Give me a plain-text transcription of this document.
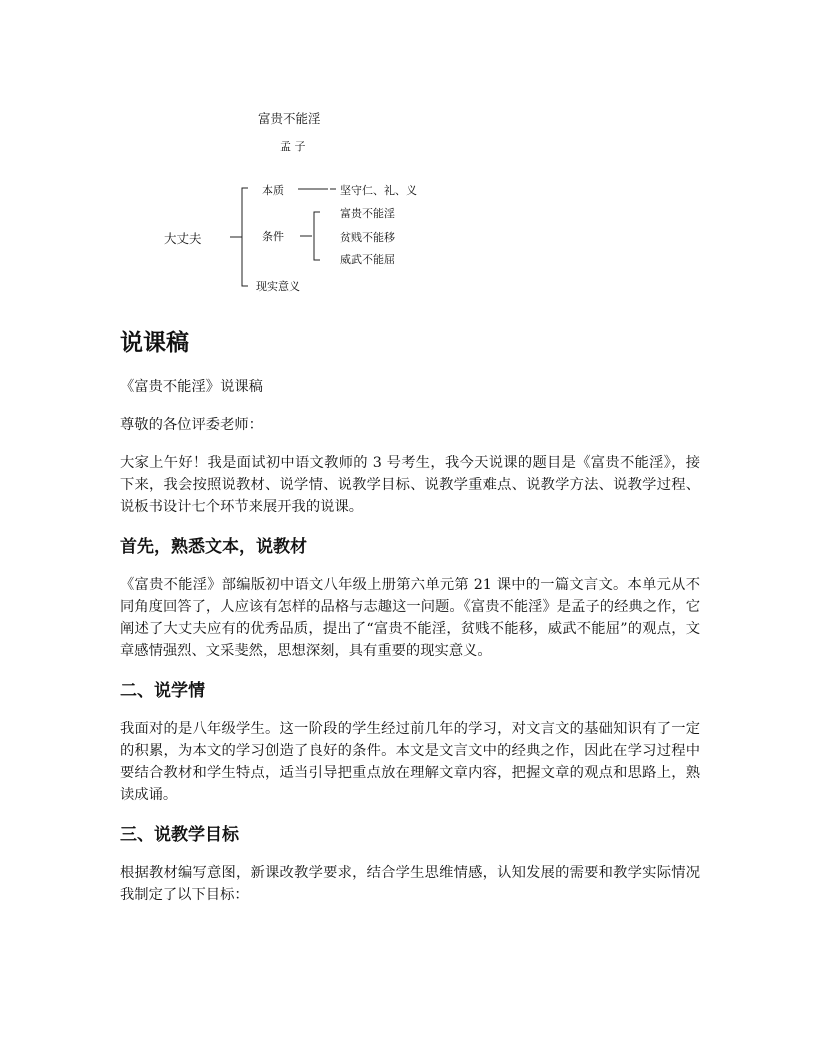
富贵不能淫
孟 子
大丈夫
本质	坚守仁、礼、义
条件
富贵不能淫
贫贱不能移
威武不能屈
现实意义
说课稿

《富贵不能淫》说课稿

尊敬的各位评委老师：

大家上午好！我是面试初中语文教师的 3 号考生，我今天说课的题目是《富贵不能淫》，接下来，我会按照说教材、说学情、说教学目标、说教学重难点、说教学方法、说教学过程、说板书设计七个环节来展开我的说课。

首先，熟悉文本，说教材

《富贵不能淫》部编版初中语文八年级上册第六单元第 21 课中的一篇文言文。本单元从不同角度回答了，人应该有怎样的品格与志趣这一问题。《富贵不能淫》是孟子的经典之作，它阐述了大丈夫应有的优秀品质，提出了“富贵不能淫，贫贱不能移，威武不能屈”的观点，文章感情强烈、文采斐然，思想深刻，具有重要的现实意义。

二、说学情

我面对的是八年级学生。这一阶段的学生经过前几年的学习，对文言文的基础知识有了一定的积累，为本文的学习创造了良好的条件。本文是文言文中的经典之作，因此在学习过程中要结合教材和学生特点，适当引导把重点放在理解文章内容，把握文章的观点和思路上，熟读成诵。

三、说教学目标

根据教材编写意图，新课改教学要求，结合学生思维情感，认知发展的需要和教学实际情况我制定了以下目标：
